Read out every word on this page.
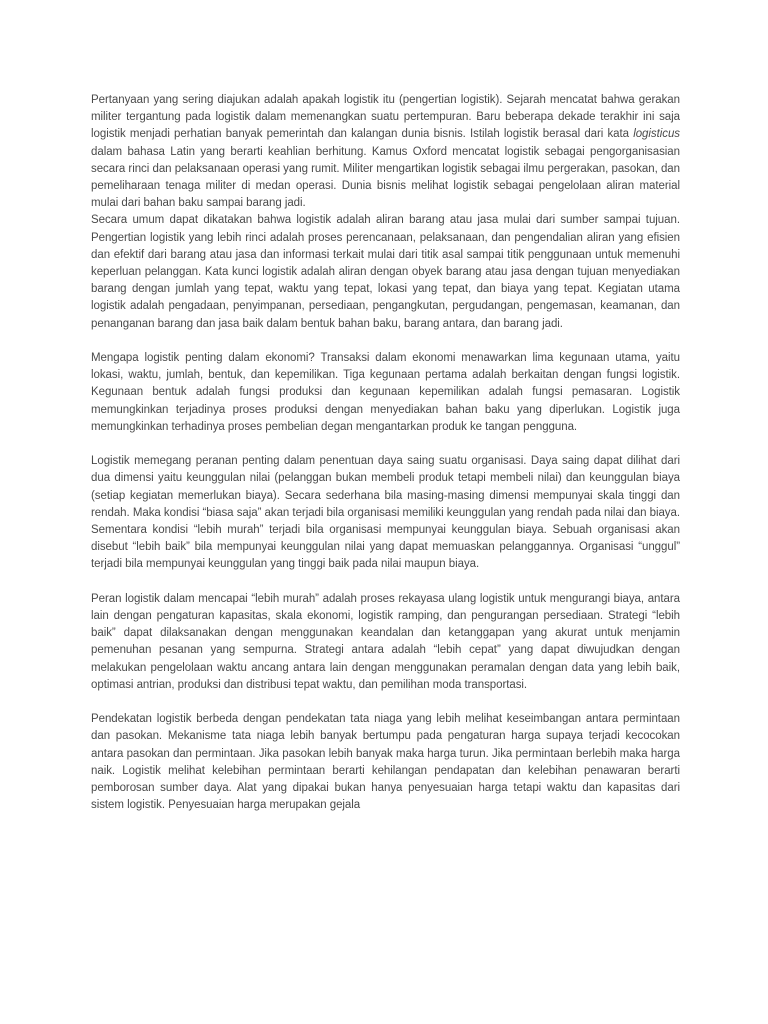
Pertanyaan yang sering diajukan adalah apakah logistik itu (pengertian logistik). Sejarah mencatat bahwa gerakan militer tergantung pada logistik dalam memenangkan suatu pertempuran. Baru beberapa dekade terakhir ini saja logistik menjadi perhatian banyak pemerintah dan kalangan dunia bisnis. Istilah logistik berasal dari kata logisticus dalam bahasa Latin yang berarti keahlian berhitung. Kamus Oxford mencatat logistik sebagai pengorganisasian secara rinci dan pelaksanaan operasi yang rumit. Militer mengartikan logistik sebagai ilmu pergerakan, pasokan, dan pemeliharaan tenaga militer di medan operasi. Dunia bisnis melihat logistik sebagai pengelolaan aliran material mulai dari bahan baku sampai barang jadi.

Secara umum dapat dikatakan bahwa logistik adalah aliran barang atau jasa mulai dari sumber sampai tujuan. Pengertian logistik yang lebih rinci adalah proses perencanaan, pelaksanaan, dan pengendalian aliran yang efisien dan efektif dari barang atau jasa dan informasi terkait mulai dari titik asal sampai titik penggunaan untuk memenuhi keperluan pelanggan. Kata kunci logistik adalah aliran dengan obyek barang atau jasa dengan tujuan menyediakan barang dengan jumlah yang tepat, waktu yang tepat, lokasi yang tepat, dan biaya yang tepat. Kegiatan utama logistik adalah pengadaan, penyimpanan, persediaan, pengangkutan, pergudangan, pengemasan, keamanan, dan penanganan barang dan jasa baik dalam bentuk bahan baku, barang antara, dan barang jadi.

Mengapa logistik penting dalam ekonomi? Transaksi dalam ekonomi menawarkan lima kegunaan utama, yaitu lokasi, waktu, jumlah, bentuk, dan kepemilikan. Tiga kegunaan pertama adalah berkaitan dengan fungsi logistik. Kegunaan bentuk adalah fungsi produksi dan kegunaan kepemilikan adalah fungsi pemasaran. Logistik memungkinkan terjadinya proses produksi dengan menyediakan bahan baku yang diperlukan. Logistik juga memungkinkan terhadinya proses pembelian degan mengantarkan produk ke tangan pengguna.

Logistik memegang peranan penting dalam penentuan daya saing suatu organisasi. Daya saing dapat dilihat dari dua dimensi yaitu keunggulan nilai (pelanggan bukan membeli produk tetapi membeli nilai) dan keunggulan biaya (setiap kegiatan memerlukan biaya). Secara sederhana bila masing-masing dimensi mempunyai skala tinggi dan rendah. Maka kondisi “biasa saja” akan terjadi bila organisasi memiliki keunggulan yang rendah pada nilai dan biaya. Sementara kondisi “lebih murah” terjadi bila organisasi mempunyai keunggulan biaya. Sebuah organisasi akan disebut “lebih baik” bila mempunyai keunggulan nilai yang dapat memuaskan pelanggannya. Organisasi “unggul” terjadi bila mempunyai keunggulan yang tinggi baik pada nilai maupun biaya.

Peran logistik dalam mencapai “lebih murah” adalah proses rekayasa ulang logistik untuk mengurangi biaya, antara lain dengan pengaturan kapasitas, skala ekonomi, logistik ramping, dan pengurangan persediaan. Strategi “lebih baik” dapat dilaksanakan dengan menggunakan keandalan dan ketanggapan yang akurat untuk menjamin pemenuhan pesanan yang sempurna. Strategi antara adalah “lebih cepat” yang dapat diwujudkan dengan melakukan pengelolaan waktu ancang antara lain dengan menggunakan peramalan dengan data yang lebih baik, optimasi antrian, produksi dan distribusi tepat waktu, dan pemilihan moda transportasi.

Pendekatan logistik berbeda dengan pendekatan tata niaga yang lebih melihat keseimbangan antara permintaan dan pasokan. Mekanisme tata niaga lebih banyak bertumpu pada pengaturan harga supaya terjadi kecocokan antara pasokan dan permintaan. Jika pasokan lebih banyak maka harga turun. Jika permintaan berlebih maka harga naik. Logistik melihat kelebihan permintaan berarti kehilangan pendapatan dan kelebihan penawaran berarti pemborosan sumber daya. Alat yang dipakai bukan hanya penyesuaian harga tetapi waktu dan kapasitas dari sistem logistik. Penyesuaian harga merupakan gejala
